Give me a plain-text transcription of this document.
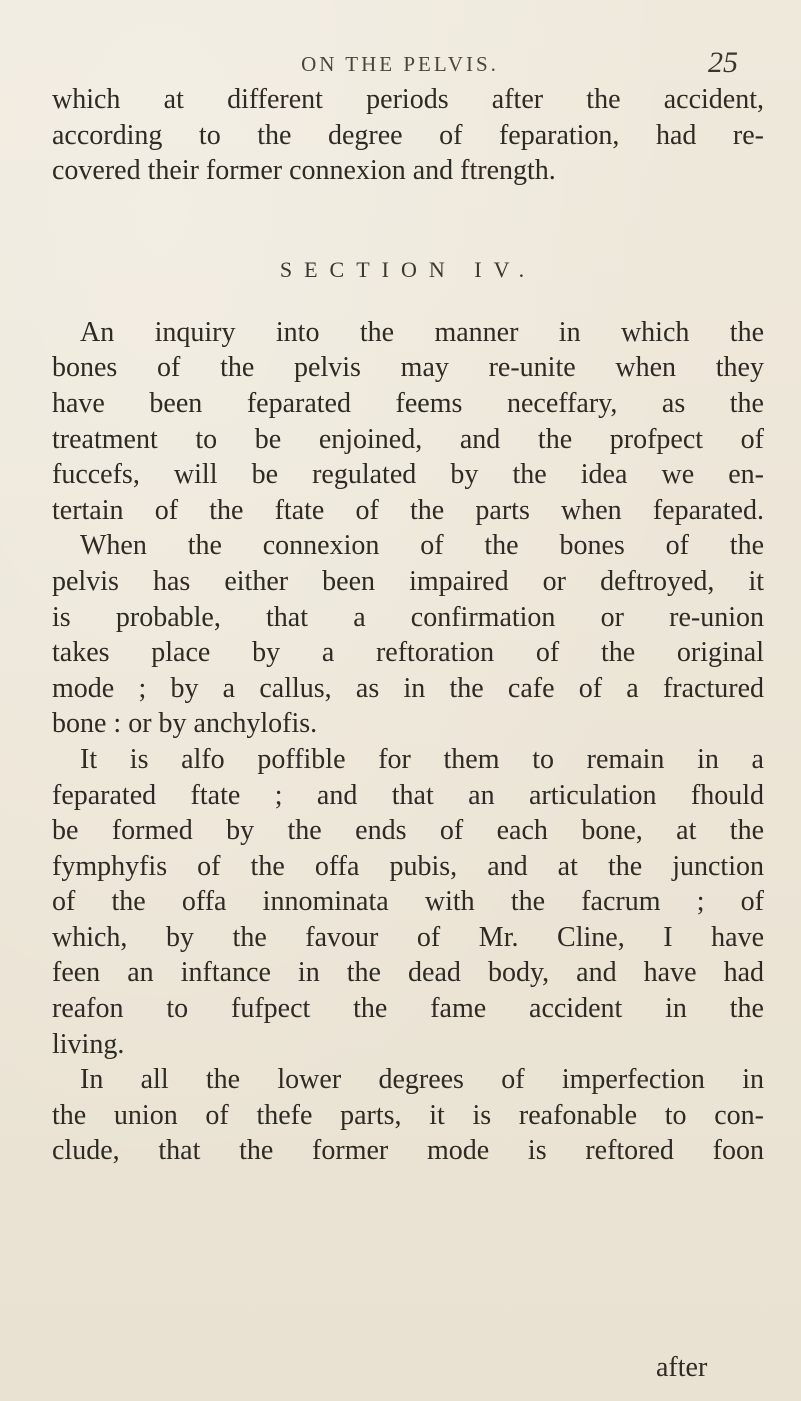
ON THE PELVIS.	25
which at different periods after the accident,
according to the degree of feparation, had re-
covered their former connexion and ftrength.
SECTION IV.
An inquiry into the manner in which the
bones of the pelvis may re-unite when they
have been feparated feems neceffary, as the
treatment to be enjoined, and the profpect of
fuccefs, will be regulated by the idea we en-
tertain of the ftate of the parts when feparated.
When the connexion of the bones of the
pelvis has either been impaired or deftroyed, it
is probable, that a confirmation or re-union
takes place by a reftoration of the original
mode ; by a callus, as in the cafe of a fractured
bone : or by anchylofis.
It is alfo poffible for them to remain in a
feparated ftate ; and that an articulation fhould
be formed by the ends of each bone, at the
fymphyfis of the offa pubis, and at the junction
of the offa innominata with the facrum ; of
which, by the favour of Mr. Cline, I have
feen an inftance in the dead body, and have had
reafon to fufpect the fame accident in the
living.
In all the lower degrees of imperfection in
the union of thefe parts, it is reafonable to con-
clude, that the former mode is reftored foon
after
